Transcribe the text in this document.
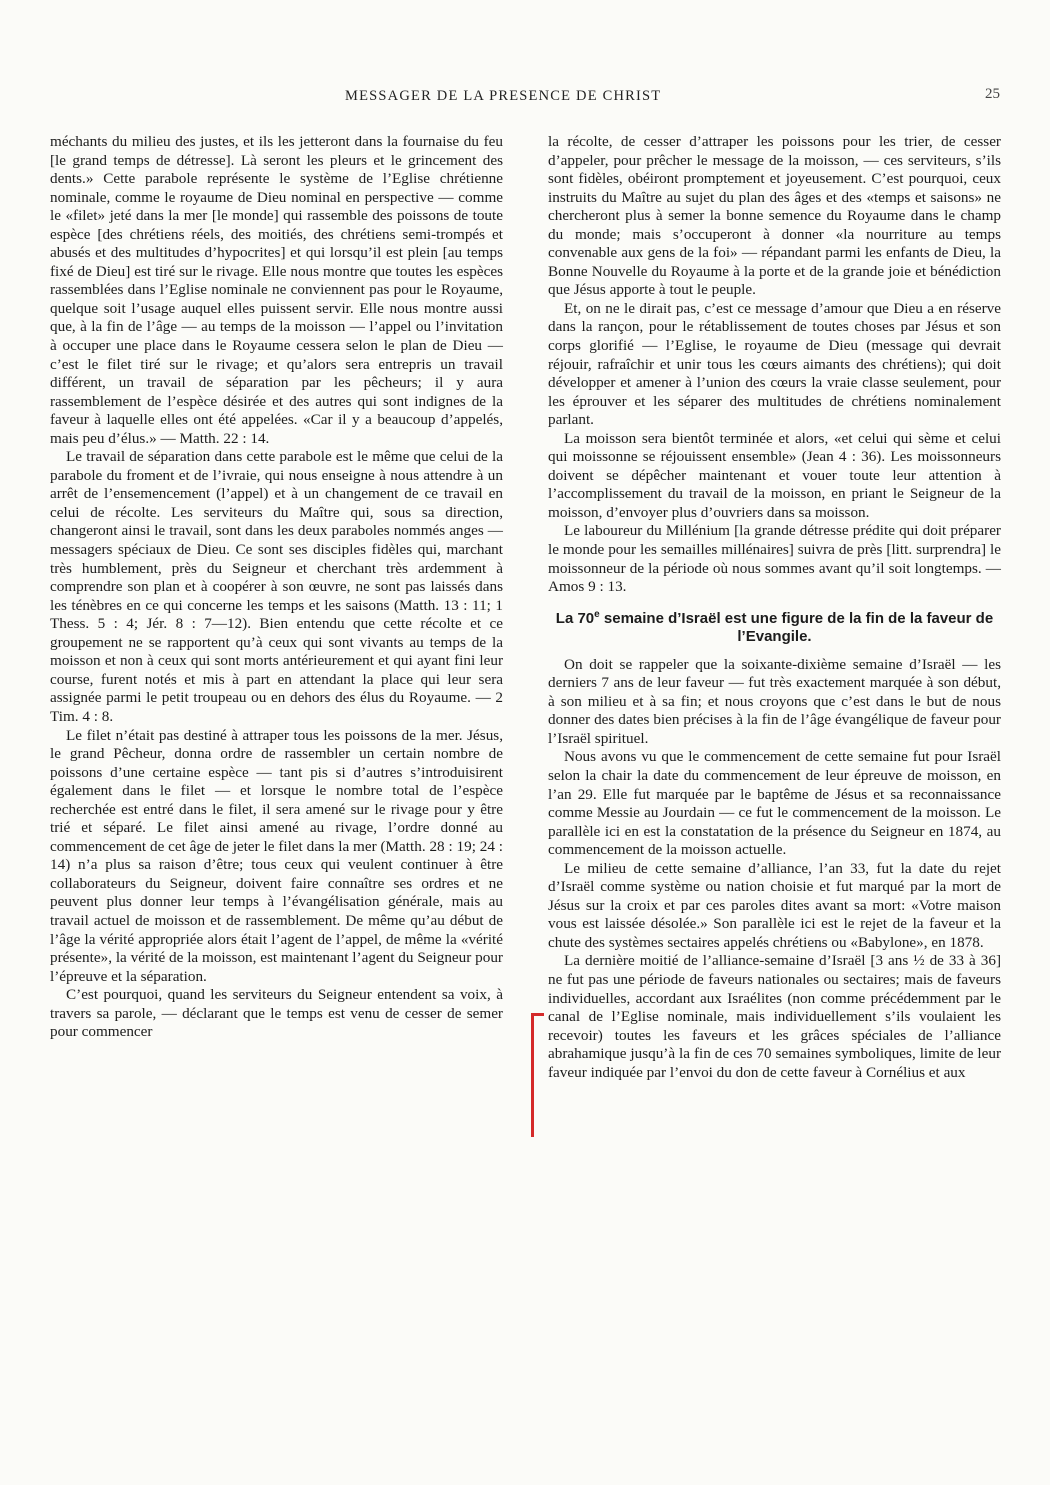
MESSAGER DE LA PRESENCE DE CHRIST	25

méchants du milieu des justes, et ils les jetteront dans la fournaise du feu [le grand temps de détresse]. Là seront les pleurs et le grincement des dents.» Cette parabole représente le système de l’Eglise chrétienne nominale, comme le royaume de Dieu nominal en perspective — comme le «filet» jeté dans la mer [le monde] qui rassemble des poissons de toute espèce [des chrétiens réels, des moitiés, des chrétiens semi-trompés et abusés et des multitudes d’hypocrites] et qui lorsqu’il est plein [au temps fixé de Dieu] est tiré sur le rivage. Elle nous montre que toutes les espèces rassemblées dans l’Eglise nominale ne conviennent pas pour le Royaume, quelque soit l’usage auquel elles puissent servir. Elle nous montre aussi que, à la fin de l’âge — au temps de la moisson — l’appel ou l’invitation à occuper une place dans le Royaume cessera selon le plan de Dieu — c’est le filet tiré sur le rivage; et qu’alors sera entrepris un travail différent, un travail de séparation par les pêcheurs; il y aura rassemblement de l’espèce désirée et des autres qui sont indignes de la faveur à laquelle elles ont été appelées. «Car il y a beaucoup d’appelés, mais peu d’élus.» — Matth. 22 : 14.

Le travail de séparation dans cette parabole est le même que celui de la parabole du froment et de l’ivraie, qui nous enseigne à nous attendre à un arrêt de l’ensemencement (l’appel) et à un changement de ce travail en celui de récolte. Les serviteurs du Maître qui, sous sa direction, changeront ainsi le travail, sont dans les deux paraboles nommés anges — messagers spéciaux de Dieu. Ce sont ses disciples fidèles qui, marchant très humblement, près du Seigneur et cherchant très ardemment à comprendre son plan et à coopérer à son œuvre, ne sont pas laissés dans les ténèbres en ce qui concerne les temps et les saisons (Matth. 13 : 11; 1 Thess. 5 : 4; Jér. 8 : 7—12). Bien entendu que cette récolte et ce groupement ne se rapportent qu’à ceux qui sont vivants au temps de la moisson et non à ceux qui sont morts antérieurement et qui ayant fini leur course, furent notés et mis à part en attendant la place qui leur sera assignée parmi le petit troupeau ou en dehors des élus du Royaume. — 2 Tim. 4 : 8.

Le filet n’était pas destiné à attraper tous les poissons de la mer. Jésus, le grand Pêcheur, donna ordre de rassembler un certain nombre de poissons d’une certaine espèce — tant pis si d’autres s’introduisirent également dans le filet — et lorsque le nombre total de l’espèce recherchée est entré dans le filet, il sera amené sur le rivage pour y être trié et séparé. Le filet ainsi amené au rivage, l’ordre donné au commencement de cet âge de jeter le filet dans la mer (Matth. 28 : 19; 24 : 14) n’a plus sa raison d’être; tous ceux qui veulent continuer à être collaborateurs du Seigneur, doivent faire connaître ses ordres et ne peuvent plus donner leur temps à l’évangélisation générale, mais au travail actuel de moisson et de rassemblement. De même qu’au début de l’âge la vérité appropriée alors était l’agent de l’appel, de même la «vérité présente», la vérité de la moisson, est maintenant l’agent du Seigneur pour l’épreuve et la séparation.

C’est pourquoi, quand les serviteurs du Seigneur entendent sa voix, à travers sa parole, — déclarant que le temps est venu de cesser de semer pour commencer

la récolte, de cesser d’attraper les poissons pour les trier, de cesser d’appeler, pour prêcher le message de la moisson, — ces serviteurs, s’ils sont fidèles, obéiront promptement et joyeusement. C’est pourquoi, ceux instruits du Maître au sujet du plan des âges et des «temps et saisons» ne chercheront plus à semer la bonne semence du Royaume dans le champ du monde; mais s’occuperont à donner «la nourriture au temps convenable aux gens de la foi» — répandant parmi les enfants de Dieu, la Bonne Nouvelle du Royaume à la porte et de la grande joie et bénédiction que Jésus apporte à tout le peuple.

Et, on ne le dirait pas, c’est ce message d’amour que Dieu a en réserve dans la rançon, pour le rétablissement de toutes choses par Jésus et son corps glorifié — l’Eglise, le royaume de Dieu (message qui devrait réjouir, rafraîchir et unir tous les cœurs aimants des chrétiens); qui doit développer et amener à l’union des cœurs la vraie classe seulement, pour les éprouver et les séparer des multitudes de chrétiens nominalement parlant.

La moisson sera bientôt terminée et alors, «et celui qui sème et celui qui moissonne se réjouissent ensemble» (Jean 4 : 36). Les moissonneurs doivent se dépêcher maintenant et vouer toute leur attention à l’accomplissement du travail de la moisson, en priant le Seigneur de la moisson, d’envoyer plus d’ouvriers dans sa moisson.

Le laboureur du Millénium [la grande détresse prédite qui doit préparer le monde pour les semailles millénaires] suivra de près [litt. surprendra] le moissonneur de la période où nous sommes avant qu’il soit longtemps. — Amos 9 : 13.

La 70e semaine d’Israël est une figure de la fin de la faveur de l’Evangile.

On doit se rappeler que la soixante-dixième semaine d’Israël — les derniers 7 ans de leur faveur — fut très exactement marquée à son début, à son milieu et à sa fin; et nous croyons que c’est dans le but de nous donner des dates bien précises à la fin de l’âge évangélique de faveur pour l’Israël spirituel.

Nous avons vu que le commencement de cette semaine fut pour Israël selon la chair la date du commencement de leur épreuve de moisson, en l’an 29. Elle fut marquée par le baptême de Jésus et sa reconnaissance comme Messie au Jourdain — ce fut le commencement de la moisson. Le parallèle ici en est la constatation de la présence du Seigneur en 1874, au commencement de la moisson actuelle.

Le milieu de cette semaine d’alliance, l’an 33, fut la date du rejet d’Israël comme système ou nation choisie et fut marqué par la mort de Jésus sur la croix et par ces paroles dites avant sa mort: «Votre maison vous est laissée désolée.» Son parallèle ici est le rejet de la faveur et la chute des systèmes sectaires appelés chrétiens ou «Babylone», en 1878.

La dernière moitié de l’alliance-semaine d’Israël [3 ans ½ de 33 à 36] ne fut pas une période de faveurs nationales ou sectaires; mais de faveurs individuelles, accordant aux Israélites (non comme précédemment par le canal de l’Eglise nominale, mais individuellement s’ils voulaient les recevoir) toutes les faveurs et les grâces spéciales de l’alliance abrahamique jusqu’à la fin de ces 70 semaines symboliques, limite de leur faveur indiquée par l’envoi du don de cette faveur à Cornélius et aux
